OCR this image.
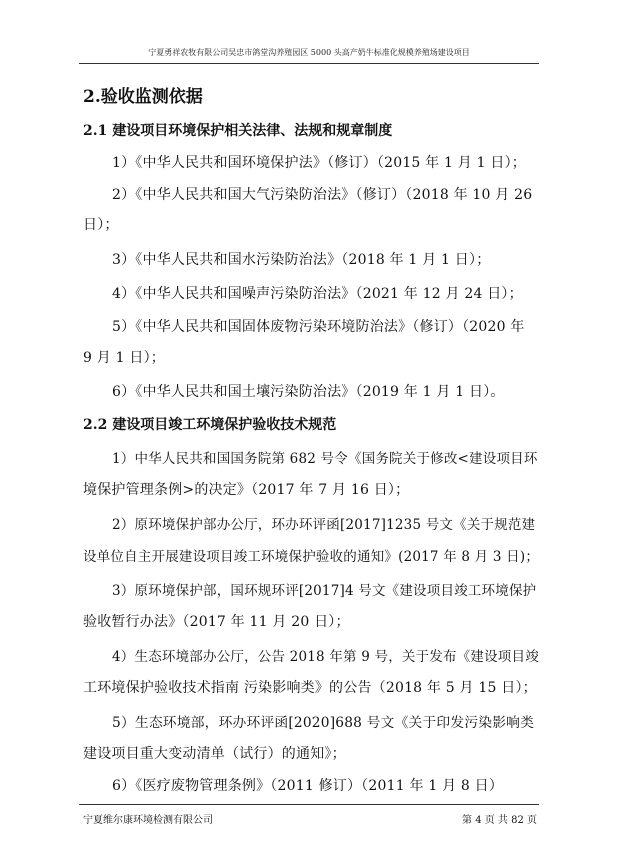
宁夏勇祥农牧有限公司吴忠市鸽堂沟养殖园区 5000 头高产奶牛标准化规模养殖场建设项目
2.验收监测依据
2.1 建设项目环境保护相关法律、法规和规章制度
1）《中华人民共和国环境保护法》（修订）（2015 年 1 月 1 日）；
2）《中华人民共和国大气污染防治法》（修订）（2018 年 10 月 26
日）；
3）《中华人民共和国水污染防治法》（2018 年 1 月 1 日）；
4）《中华人民共和国噪声污染防治法》（2021 年 12 月 24 日）；
5）《中华人民共和国固体废物污染环境防治法》（修订）（2020 年
9 月 1 日）；
6）《中华人民共和国土壤污染防治法》（2019 年 1 月 1 日）。
2.2 建设项目竣工环境保护验收技术规范
1）中华人民共和国国务院第 682 号令《国务院关于修改<建设项目环
境保护管理条例>的决定》（2017 年 7 月 16 日）；
2）原环境保护部办公厅，环办环评函[2017]1235 号文《关于规范建
设单位自主开展建设项目竣工环境保护验收的通知》(2017 年 8 月 3 日)；
3）原环境保护部，国环规环评[2017]4 号文《建设项目竣工环境保护
验收暂行办法》（2017 年 11 月 20 日）；
4）生态环境部办公厅，公告 2018 年第 9 号，关于发布《建设项目竣
工环境保护验收技术指南 污染影响类》的公告（2018 年 5 月 15 日）；
5）生态环境部，环办环评函[2020]688 号文《关于印发污染影响类
建设项目重大变动清单（试行）的通知》；
6）《医疗废物管理条例》（2011 修订）（2011 年 1 月 8 日）
宁夏维尔康环境检测有限公司	第 4 页 共 82 页
